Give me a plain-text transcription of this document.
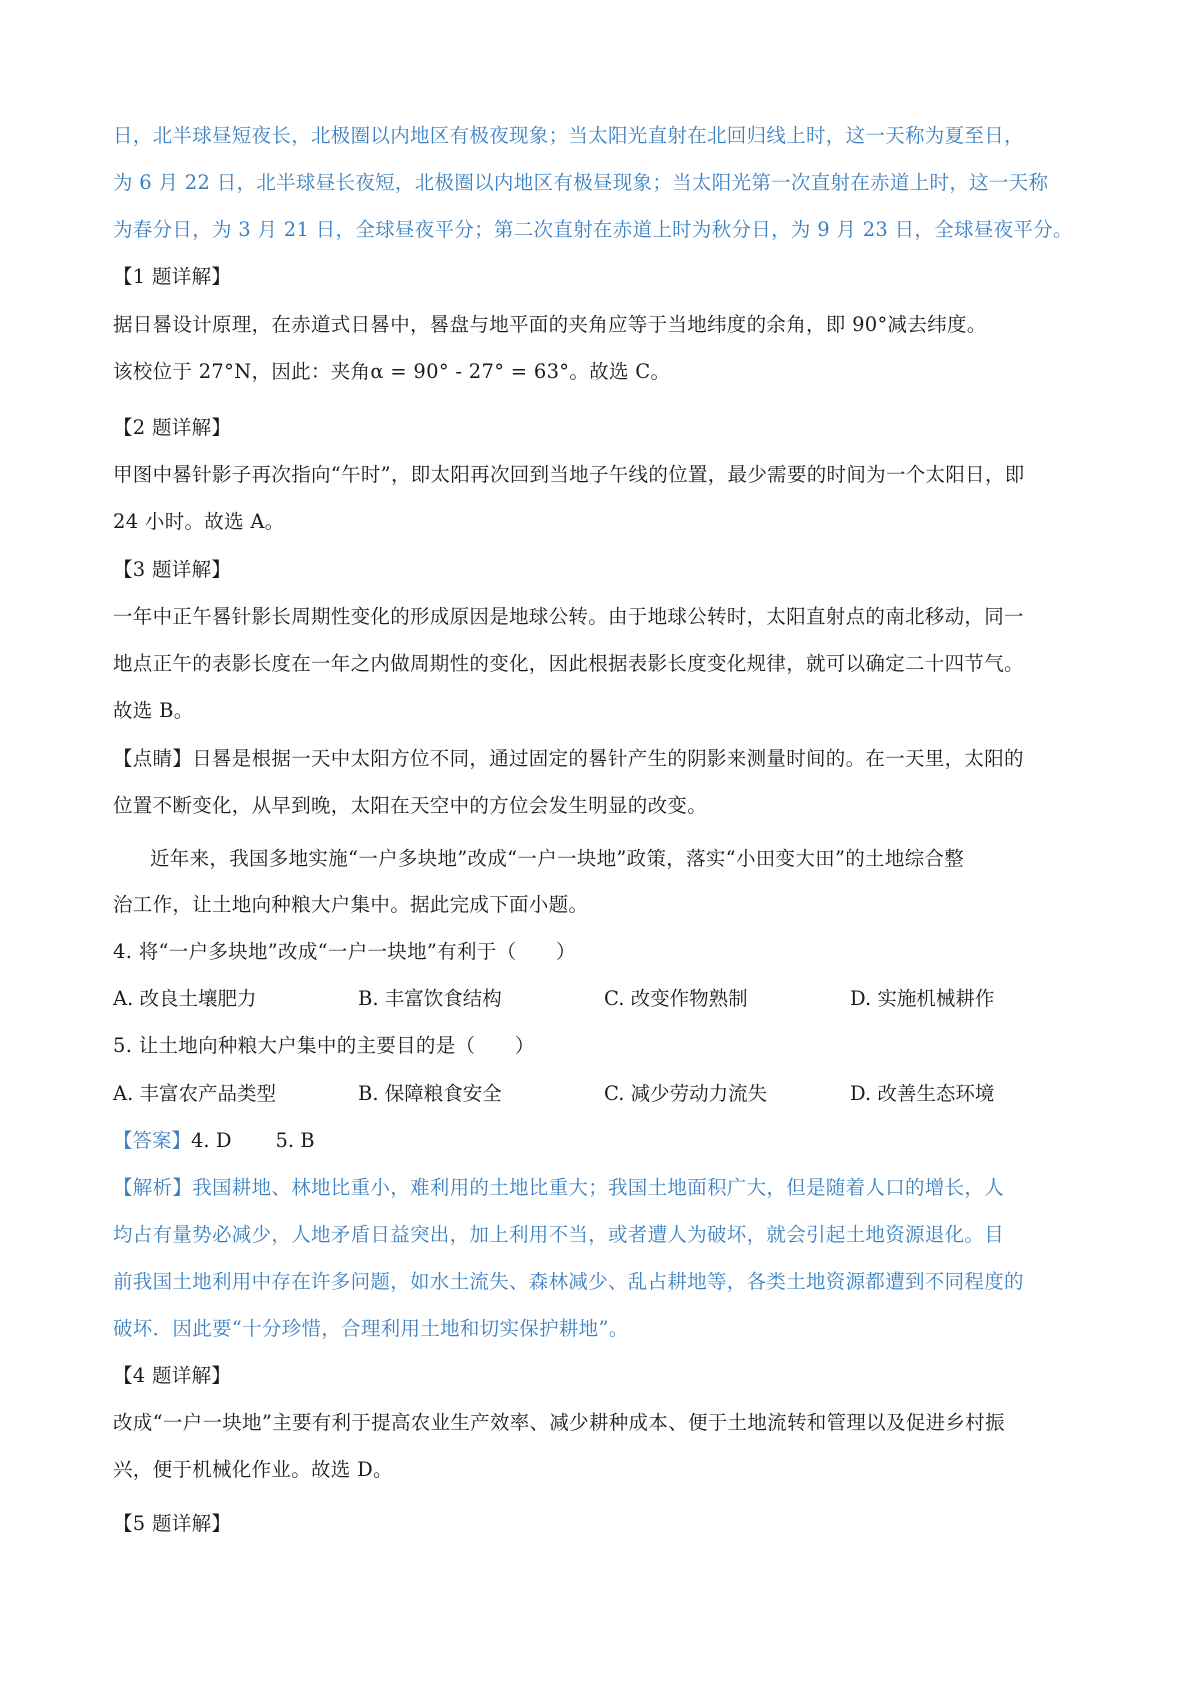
日，北半球昼短夜长，北极圈以内地区有极夜现象；当太阳光直射在北回归线上时，这一天称为夏至日，
为 6 月 22 日，北半球昼长夜短，北极圈以内地区有极昼现象；当太阳光第一次直射在赤道上时，这一天称
为春分日，为 3 月 21 日，全球昼夜平分；第二次直射在赤道上时为秋分日，为 9 月 23 日，全球昼夜平分。
【1 题详解】
据日晷设计原理，在赤道式日晷中，晷盘与地平面的夹角应等于当地纬度的余角，即 90°减去纬度。
该校位于 27°N，因此：夹角α = 90° - 27° = 63°。故选 C。
【2 题详解】
甲图中晷针影子再次指向“午时”，即太阳再次回到当地子午线的位置，最少需要的时间为一个太阳日，即
24 小时。故选 A。
【3 题详解】
一年中正午晷针影长周期性变化的形成原因是地球公转。由于地球公转时，太阳直射点的南北移动，同一
地点正午的表影长度在一年之内做周期性的变化，因此根据表影长度变化规律，就可以确定二十四节气。
故选 B。
【点睛】日晷是根据一天中太阳方位不同，通过固定的晷针产生的阴影来测量时间的。在一天里，太阳的
位置不断变化，从早到晚，太阳在天空中的方位会发生明显的改变。
近年来，我国多地实施“一户多块地”改成“一户一块地”政策，落实“小田变大田”的土地综合整
治工作，让土地向种粮大户集中。据此完成下面小题。
4. 将“一户多块地”改成“一户一块地”有利于（　　）
A. 改良土壤肥力	B. 丰富饮食结构	C. 改变作物熟制	D. 实施机械耕作
5. 让土地向种粮大户集中的主要目的是（　　）
A. 丰富农产品类型	B. 保障粮食安全	C. 减少劳动力流失	D. 改善生态环境
【答案】4. D 5. B
【解析】我国耕地、林地比重小，难利用的土地比重大；我国土地面积广大，但是随着人口的增长，人
均占有量势必减少，人地矛盾日益突出，加上利用不当，或者遭人为破坏，就会引起土地资源退化。目
前我国土地利用中存在许多问题，如水土流失、森林减少、乱占耕地等，各类土地资源都遭到不同程度的
破坏．因此要“十分珍惜，合理利用土地和切实保护耕地”。
【4 题详解】
改成“一户一块地”主要有利于提高农业生产效率、减少耕种成本、便于土地流转和管理以及促进乡村振
兴，便于机械化作业。故选 D。
【5 题详解】
